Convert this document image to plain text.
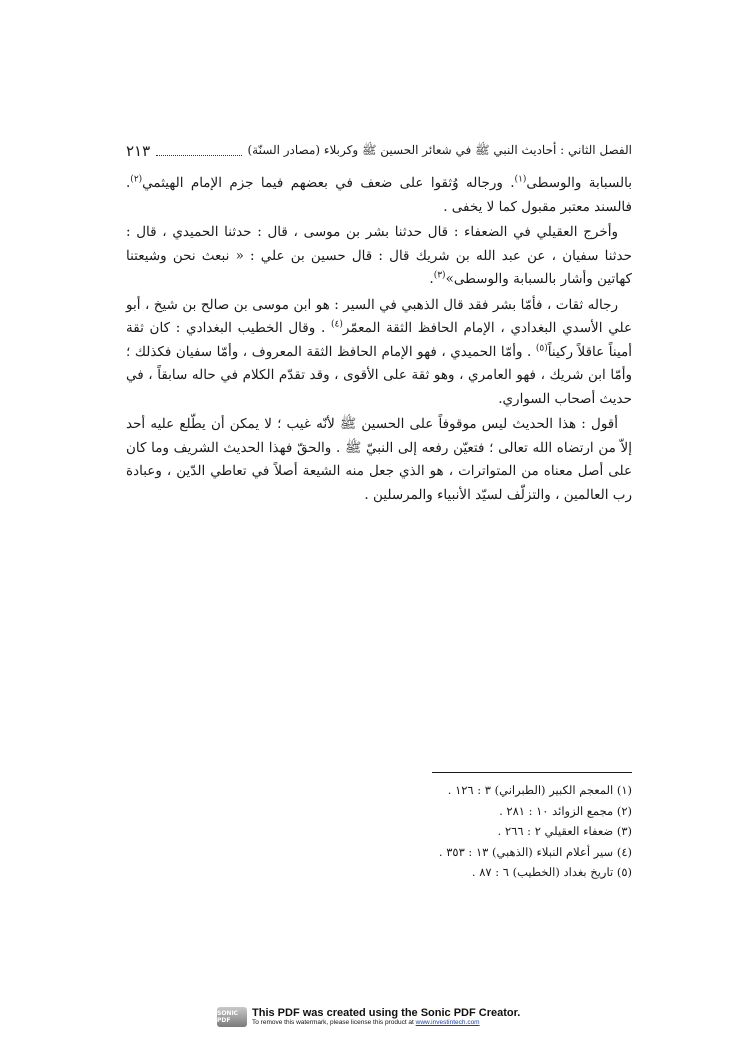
الفصل الثاني : أحاديث النبي ﷺ في شعائر الحسين ﷺ وكربلاء (مصادر السنّة)
٢١٣

بالسبابة والوسطى$^{(١)}$. ورجاله وُثقوا على ضعف في بعضهم فيما جزم الإمام الهيثمي$^{(٢)}$. فالسند معتبر مقبول كما لا يخفى .

وأخرج العقيلي في الضعفاء : قال حدثنا بشر بن موسى ، قال : حدثنا الحميدي ، قال : حدثنا سفيان ، عن عبد الله بن شريك قال : قال حسين بن علي : « نبعث نحن وشيعتنا كهاتين وأشار بالسبابة والوسطى»$^{(٣)}$.

رجاله ثقات ، فأمّا بشر فقد قال الذهبي في السير : هو ابن موسى بن صالح بن شيخ ، أبو علي الأسدي البغدادي ، الإمام الحافظ الثقة المعمّر$^{(٤)}$ . وقال الخطيب البغدادي : كان ثقة أميناً عاقلاً ركيناً$^{(٥)}$ . وأمّا الحميدي ، فهو الإمام الحافظ الثقة المعروف ، وأمّا سفيان فكذلك ؛ وأمّا ابن شريك ، فهو العامري ، وهو ثقة على الأقوى ، وقد تقدّم الكلام في حاله سابقاً ، في حديث أصحاب السواري.

أقول : هذا الحديث ليس موقوفاً على الحسين ﷺ لأنّه غيب ؛ لا يمكن أن يطّلع عليه أحد إلاّ من ارتضاه الله تعالى ؛ فتعيّن رفعه إلى النبيّ ﷺ . والحقّ فهذا الحديث الشريف وما كان على أصل معناه من المتواترات ، هو الذي جعل منه الشيعة أصلاً في تعاطي الدّين ، وعبادة رب العالمين ، والتزلّف لسيّد الأنبياء والمرسلين .

(١) المعجم الكبير (الطبراني) ٣ : ١٢٦ .
(٢) مجمع الزوائد ١٠ : ٢٨١ .
(٣) ضعفاء العقيلي ٢ : ٢٦٦ .
(٤) سير أعلام النبلاء (الذهبي) ١٣ : ٣٥٣ .
(٥) تاريخ بغداد (الخطيب) ٦ : ٨٧ .
SONIC PDF
This PDF was created using the Sonic PDF Creator.
To remove this watermark, please license this product at www.investintech.com
